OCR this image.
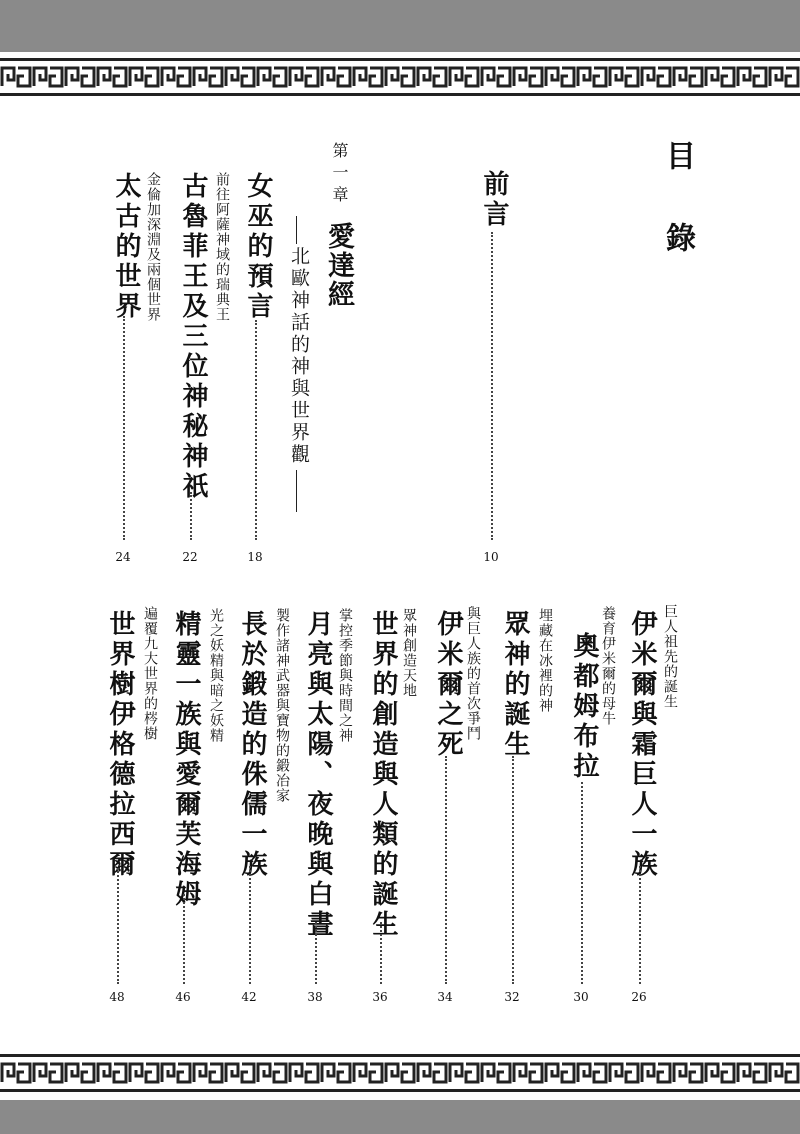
目
錄
前言
10
第一章
愛達經
北歐神話的神與世界觀
前往阿薩神域的瑞典王 女巫的預言
18
古魯菲王及三位神秘神祇
22
金倫加深淵及兩個世界
太古的世界
24
巨人祖先的誕生
伊米爾與霜巨人一族
26
養育伊米爾的母牛
奧都姆布拉
30
埋藏在冰裡的神
眾神的誕生
32
與巨人族的首次爭鬥
伊米爾之死
34
眾神創造天地
世界的創造與人類的誕生
36
掌控季節與時間之神
月亮與太陽、夜晚與白晝
38
製作諸神武器與寶物的鍛冶家
長於鍛造的侏儒一族
42
光之妖精與暗之妖精
精靈一族與愛爾芙海姆
46
遍覆九大世界的梣樹
世界樹伊格德拉西爾
48
